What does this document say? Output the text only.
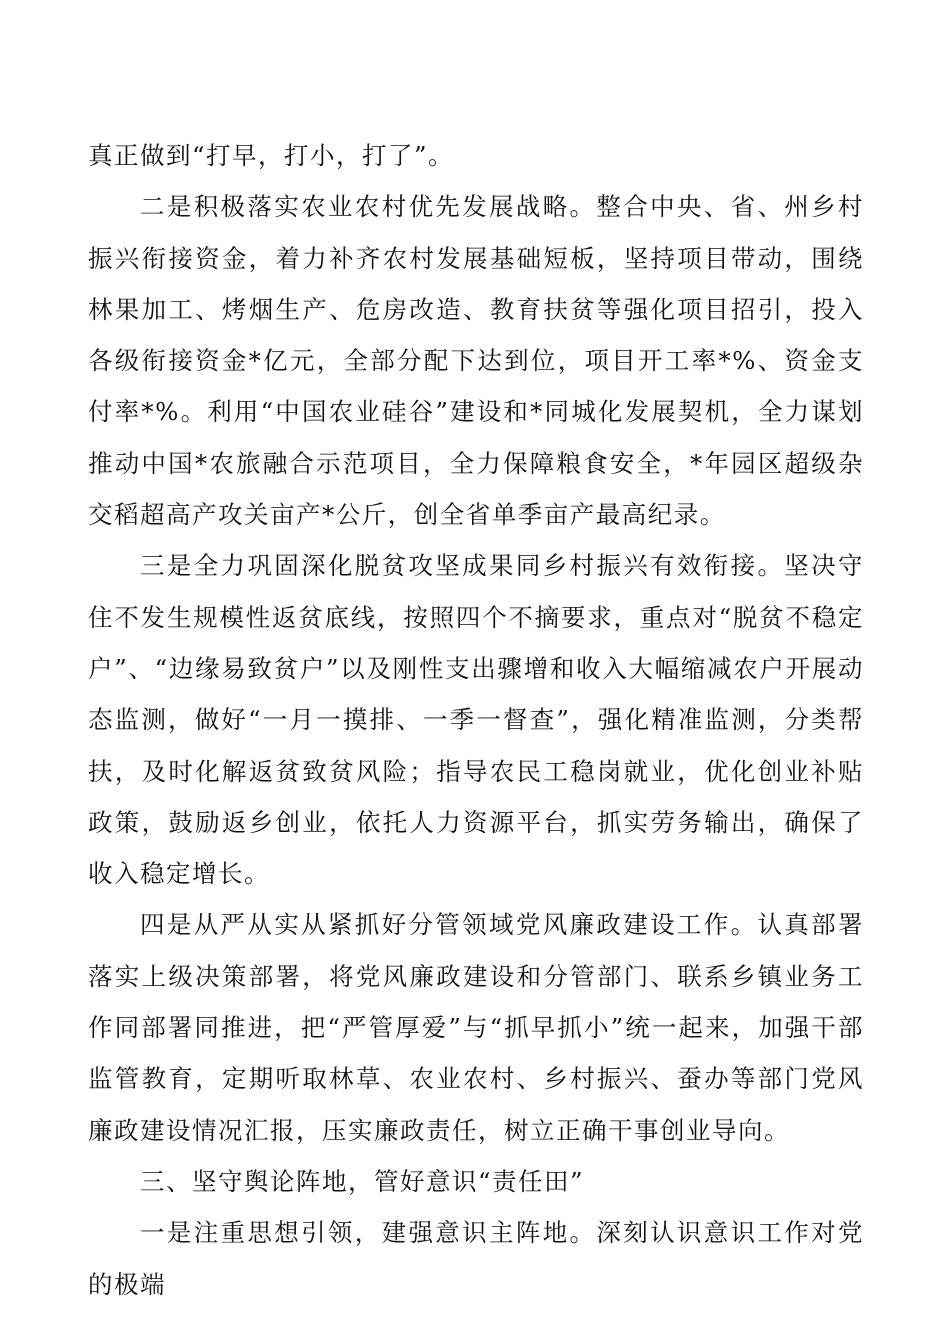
真正做到“打早，打小，打了”。

二是积极落实农业农村优先发展战略。整合中央、省、州乡村振兴衔接资金，着力补齐农村发展基础短板，坚持项目带动，围绕林果加工、烤烟生产、危房改造、教育扶贫等强化项目招引，投入各级衔接资金*亿元，全部分配下达到位，项目开工率*%、资金支付率*%。利用“中国农业硅谷”建设和*同城化发展契机，全力谋划推动中国*农旅融合示范项目，全力保障粮食安全，*年园区超级杂交稻超高产攻关亩产*公斤，创全省单季亩产最高纪录。

三是全力巩固深化脱贫攻坚成果同乡村振兴有效衔接。坚决守住不发生规模性返贫底线，按照四个不摘要求，重点对“脱贫不稳定户”、“边缘易致贫户”以及刚性支出骤增和收入大幅缩减农户开展动态监测，做好“一月一摸排、一季一督查”，强化精准监测，分类帮扶，及时化解返贫致贫风险；指导农民工稳岗就业，优化创业补贴政策，鼓励返乡创业，依托人力资源平台，抓实劳务输出，确保了收入稳定增长。

四是从严从实从紧抓好分管领域党风廉政建设工作。认真部署落实上级决策部署，将党风廉政建设和分管部门、联系乡镇业务工作同部署同推进，把“严管厚爱”与“抓早抓小”统一起来，加强干部监管教育，定期听取林草、农业农村、乡村振兴、蚕办等部门党风廉政建设情况汇报，压实廉政责任，树立正确干事创业导向。

三、坚守舆论阵地，管好意识“责任田”

一是注重思想引领，建强意识主阵地。深刻认识意识工作对党的极端
